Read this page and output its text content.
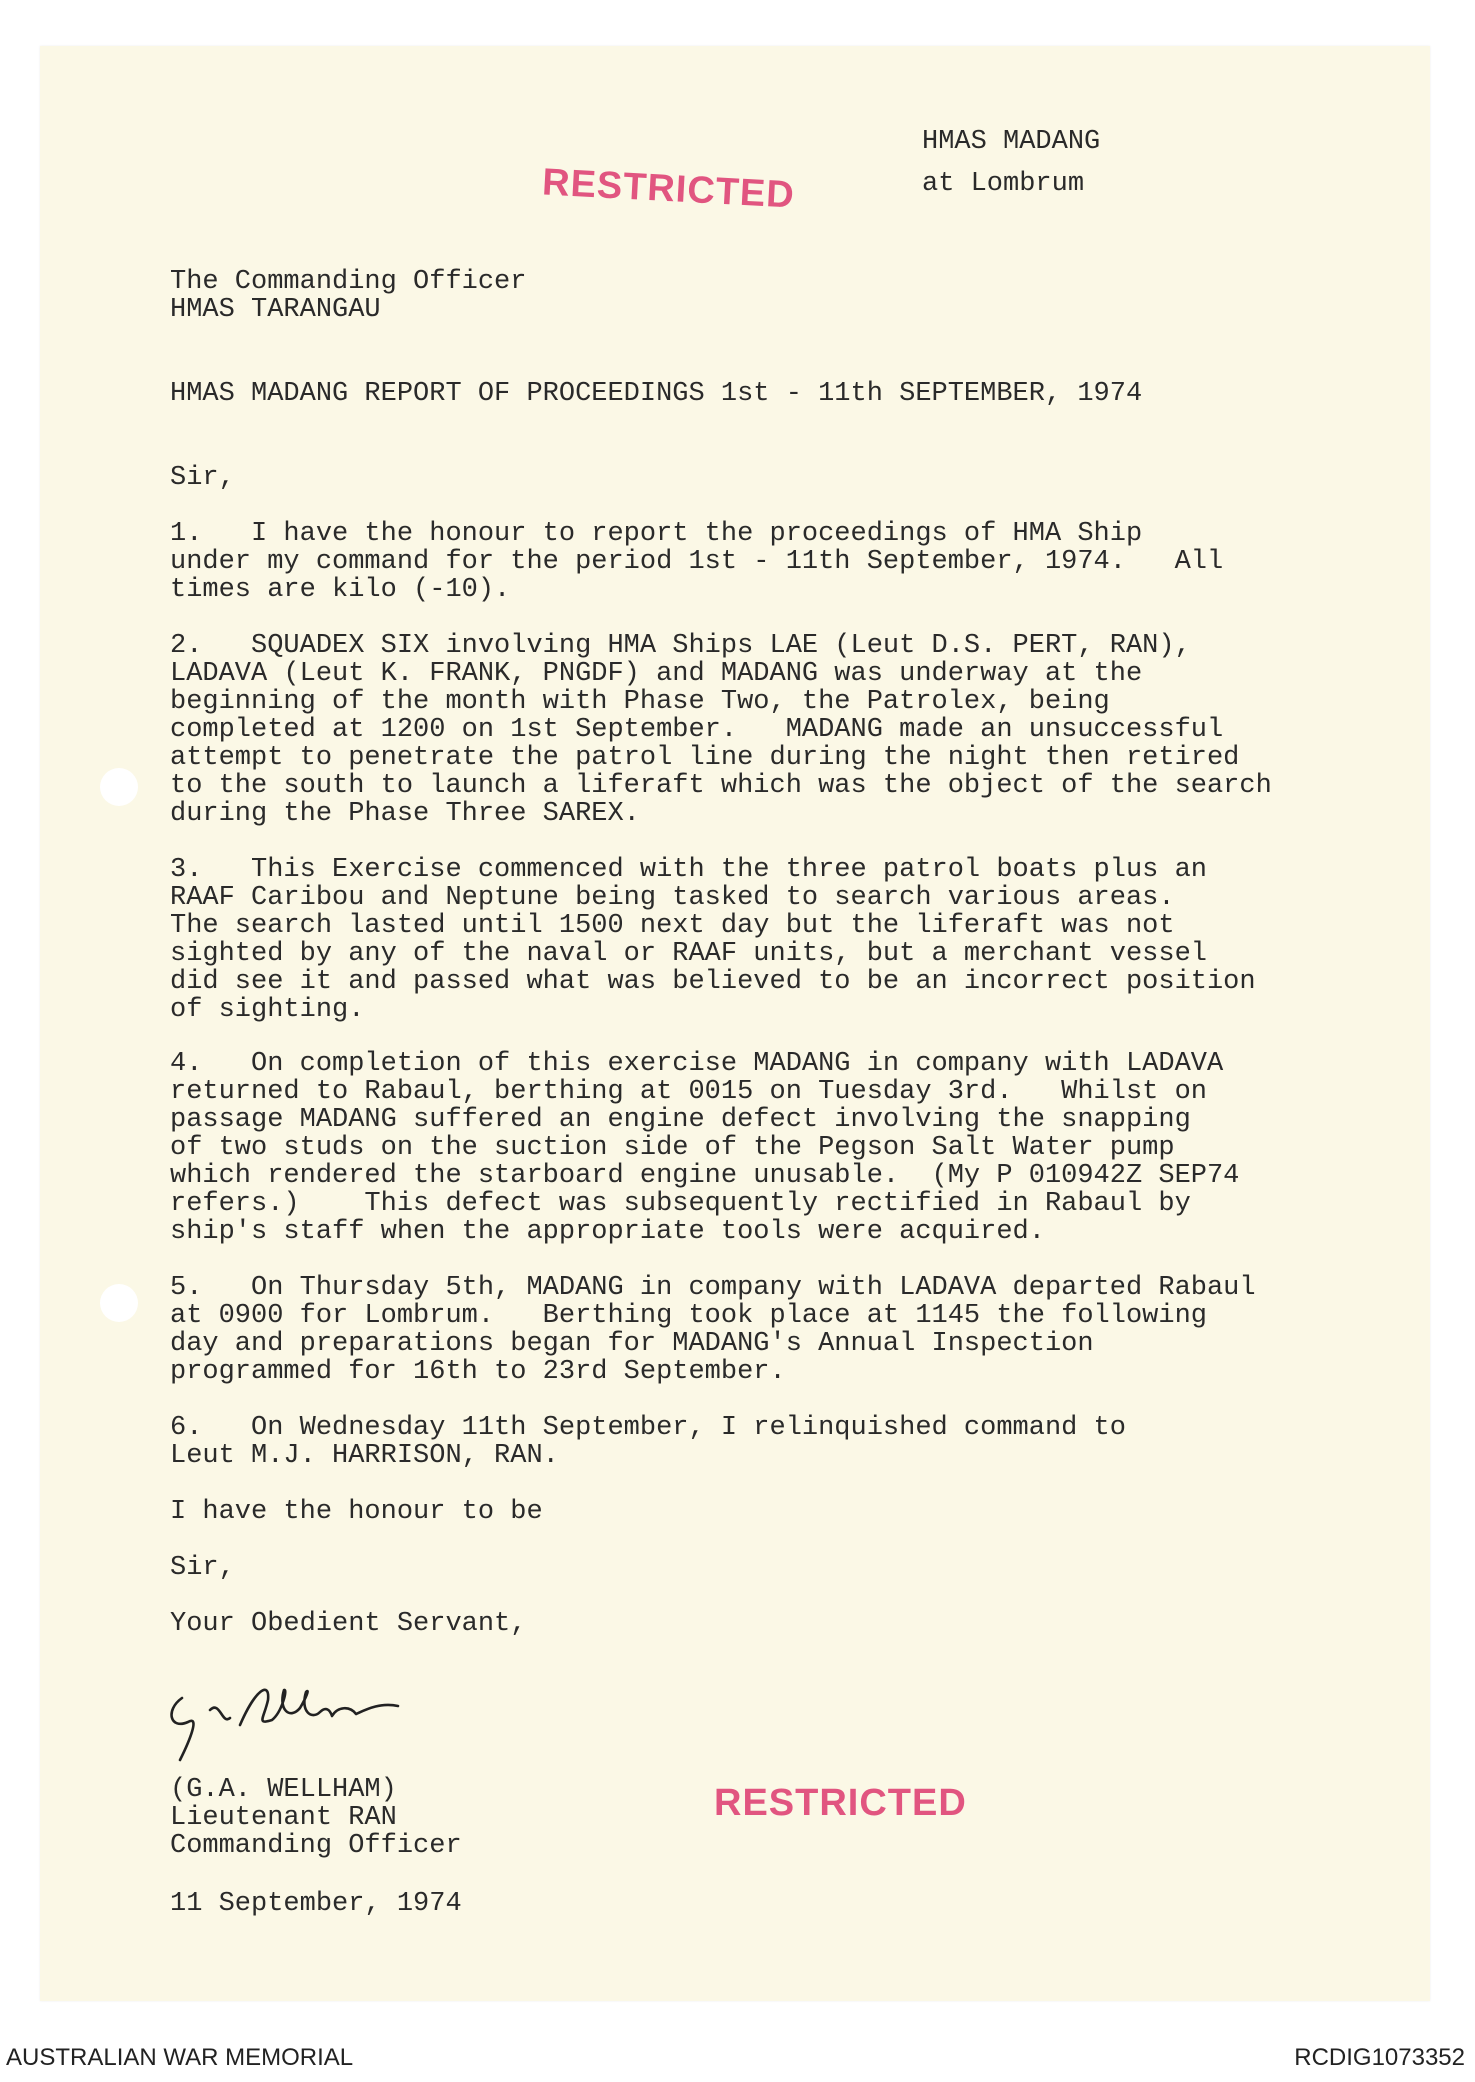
HMAS MADANG

at Lombrum

RESTRICTED

The Commanding Officer
HMAS TARANGAU

HMAS MADANG REPORT OF PROCEEDINGS 1st - 11th SEPTEMBER, 1974

Sir,

1.   I have the honour to report the proceedings of HMA Ship
under my command for the period 1st - 11th September, 1974.   All
times are kilo (-10).

2.   SQUADEX SIX involving HMA Ships LAE (Leut D.S. PERT, RAN),
LADAVA (Leut K. FRANK, PNGDF) and MADANG was underway at the
beginning of the month with Phase Two, the Patrolex, being
completed at 1200 on 1st September.   MADANG made an unsuccessful
attempt to penetrate the patrol line during the night then retired
to the south to launch a liferaft which was the object of the search
during the Phase Three SAREX.

3.   This Exercise commenced with the three patrol boats plus an
RAAF Caribou and Neptune being tasked to search various areas.
The search lasted until 1500 next day but the liferaft was not
sighted by any of the naval or RAAF units, but a merchant vessel
did see it and passed what was believed to be an incorrect position
of sighting.

4.   On completion of this exercise MADANG in company with LADAVA
returned to Rabaul, berthing at 0015 on Tuesday 3rd.   Whilst on
passage MADANG suffered an engine defect involving the snapping
of two studs on the suction side of the Pegson Salt Water pump
which rendered the starboard engine unusable.  (My P 010942Z SEP74
refers.)    This defect was subsequently rectified in Rabaul by
ship's staff when the appropriate tools were acquired.

5.   On Thursday 5th, MADANG in company with LADAVA departed Rabaul
at 0900 for Lombrum.   Berthing took place at 1145 the following
day and preparations began for MADANG's Annual Inspection
programmed for 16th to 23rd September.

6.   On Wednesday 11th September, I relinquished command to
Leut M.J. HARRISON, RAN.

I have the honour to be

Sir,

Your Obedient Servant,

(G.A. WELLHAM)
Lieutenant RAN
Commanding Officer

RESTRICTED

11 September, 1974

AUSTRALIAN WAR MEMORIAL	RCDIG1073352
